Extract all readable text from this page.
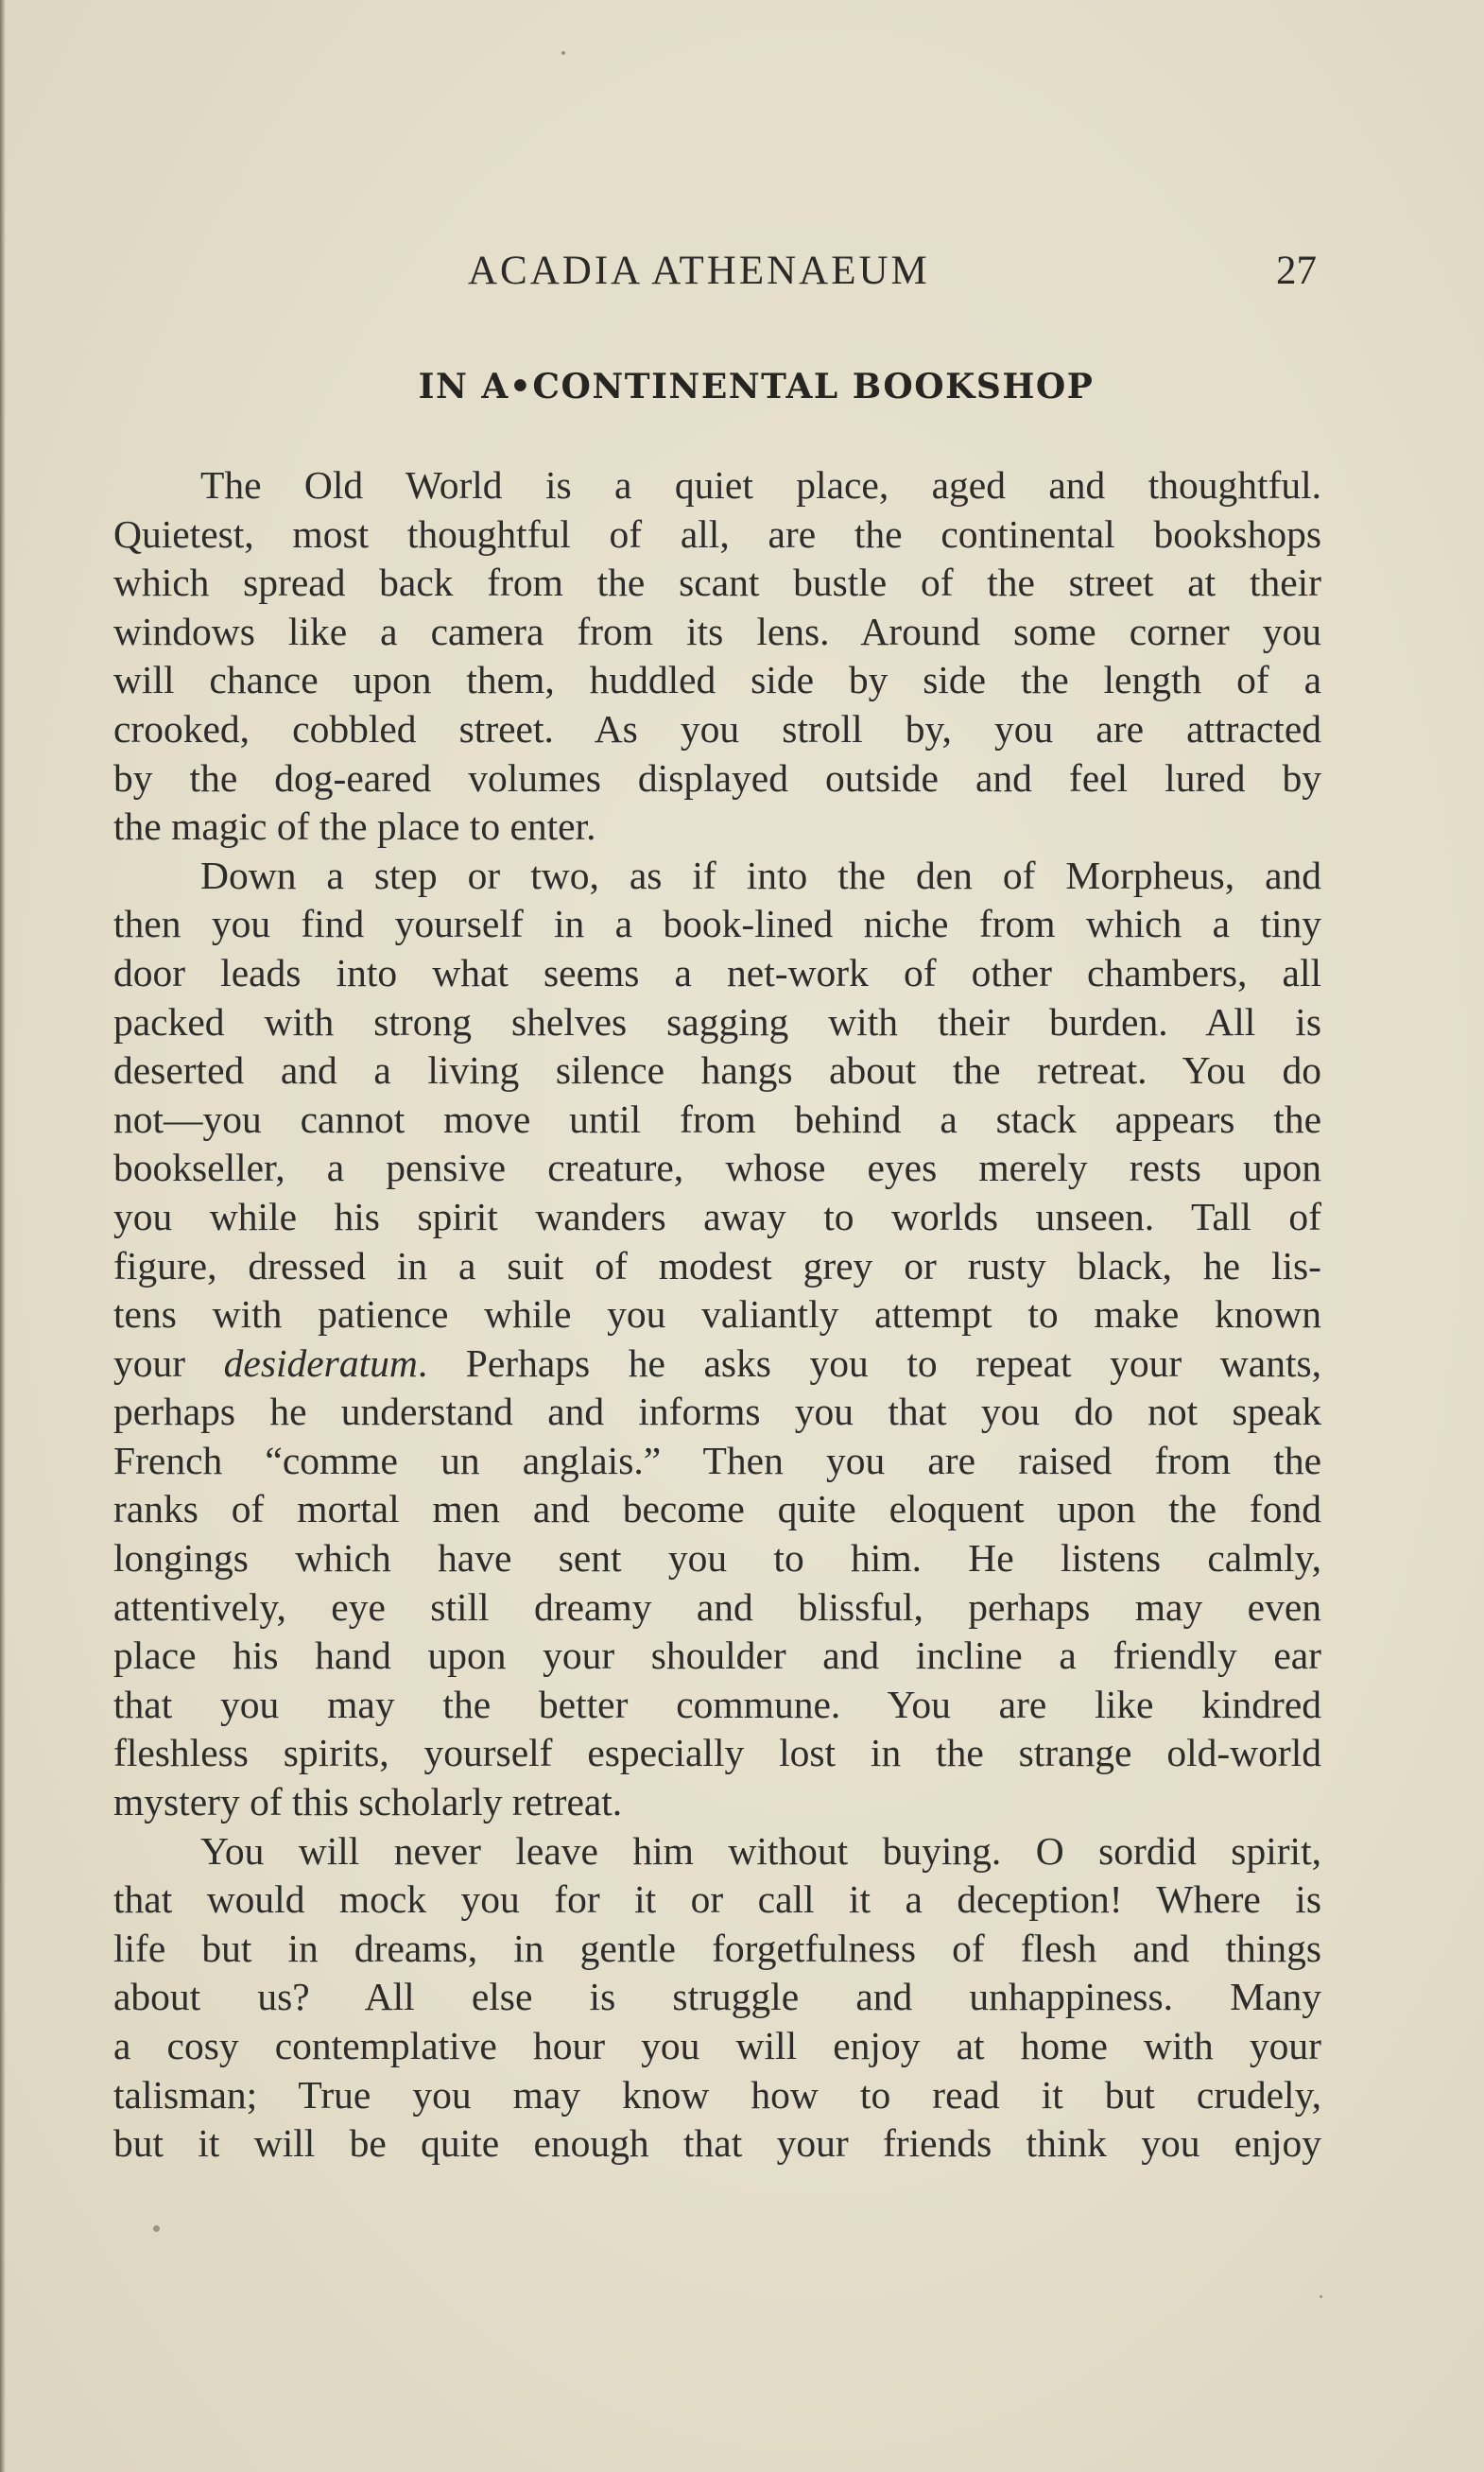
ACADIA ATHENAEUM	27
IN A•CONTINENTAL BOOKSHOP
The Old World is a quiet place, aged and thoughtful.
Quietest, most thoughtful of all, are the continental bookshops
which spread back from the scant bustle of the street at their
windows like a camera from its lens. Around some corner you
will chance upon them, huddled side by side the length of a
crooked, cobbled street. As you stroll by, you are attracted
by the dog-eared volumes displayed outside and feel lured by
the magic of the place to enter.
Down a step or two, as if into the den of Morpheus, and
then you find yourself in a book-lined niche from which a tiny
door leads into what seems a net-work of other chambers, all
packed with strong shelves sagging with their burden. All is
deserted and a living silence hangs about the retreat. You do
not—you cannot move until from behind a stack appears the
bookseller, a pensive creature, whose eyes merely rests upon
you while his spirit wanders away to worlds unseen. Tall of
figure, dressed in a suit of modest grey or rusty black, he lis-
tens with patience while you valiantly attempt to make known
your desideratum. Perhaps he asks you to repeat your wants,
perhaps he understand and informs you that you do not speak
French “comme un anglais.” Then you are raised from the
ranks of mortal men and become quite eloquent upon the fond
longings which have sent you to him. He listens calmly,
attentively, eye still dreamy and blissful, perhaps may even
place his hand upon your shoulder and incline a friendly ear
that you may the better commune. You are like kindred
fleshless spirits, yourself especially lost in the strange old-world
mystery of this scholarly retreat.
You will never leave him without buying. O sordid spirit,
that would mock you for it or call it a deception! Where is
life but in dreams, in gentle forgetfulness of flesh and things
about us? All else is struggle and unhappiness. Many
a cosy contemplative hour you will enjoy at home with your
talisman; True you may know how to read it but crudely,
but it will be quite enough that your friends think you enjoy
